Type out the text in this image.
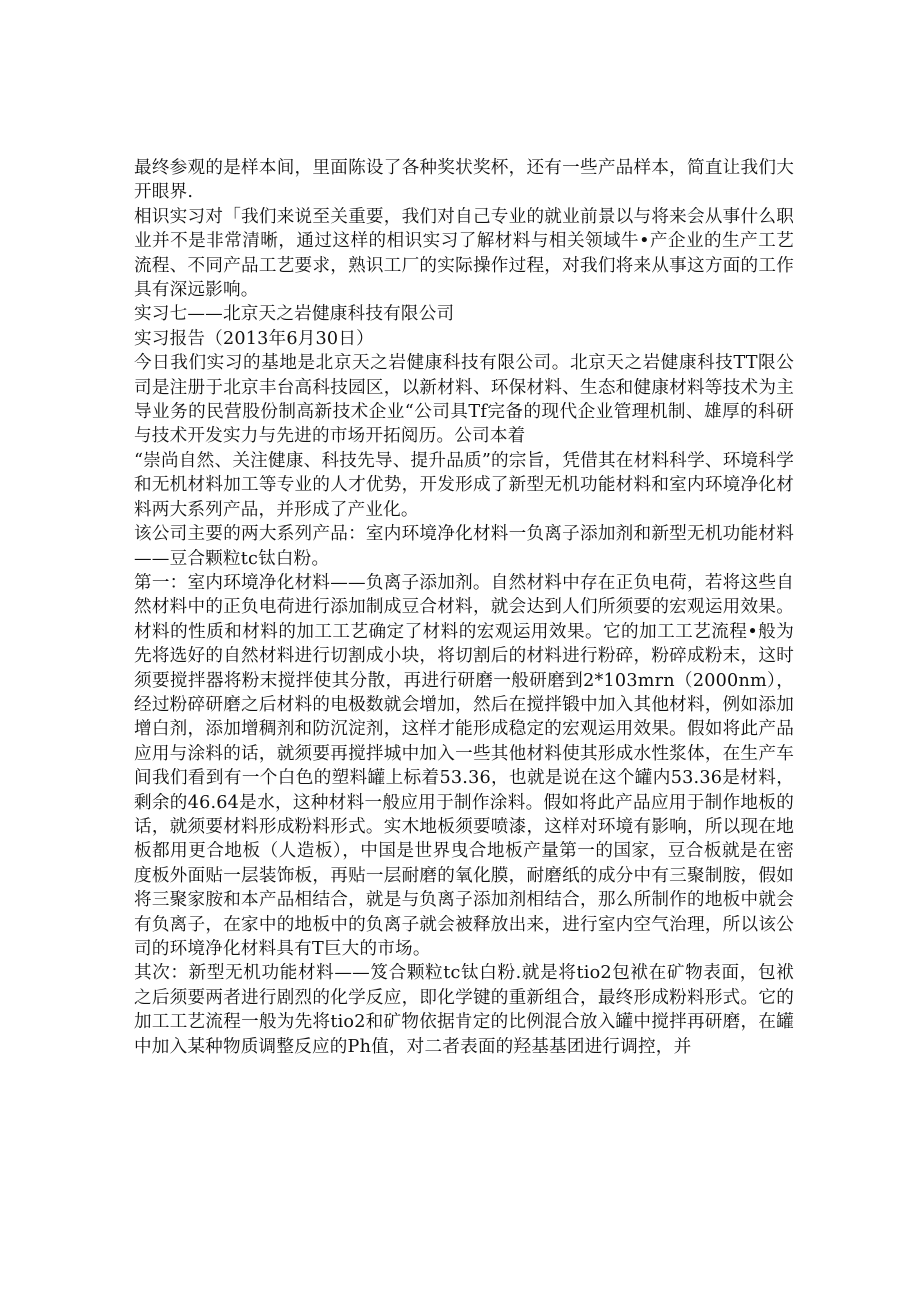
最终参观的是样本间，里面陈设了各种奖状奖杯，还有一些产品样本，简直让我们大开眼界.

相识实习对「我们来说至关重要，我们对自己专业的就业前景以与将来会从事什么职业并不是非常清晰，通过这样的相识实习了解材料与相关领域牛•产企业的生产工艺流程、不同产品工艺要求，熟识工厂的实际操作过程，对我们将来从事这方面的工作具有深远影响。

实习七——北京天之岩健康科技有限公司

实习报告（2013年6月30日）

今日我们实习的基地是北京天之岩健康科技有限公司。北京天之岩健康科技TT限公司是注册于北京丰台高科技园区，以新材料、环保材料、生态和健康材料等技术为主导业务的民营股份制高新技术企业“公司具Tf完备的现代企业管理机制、雄厚的科研与技术开发实力与先进的市场开拓阅历。公司本着

“崇尚自然、关注健康、科技先导、提升品质”的宗旨，凭借其在材料科学、环境科学和无机材料加工等专业的人才优势，开发形成了新型无机功能材料和室内环境净化材料两大系列产品，并形成了产业化。

该公司主要的两大系列产品：室内环境净化材料一负离子添加剂和新型无机功能材料——豆合颗粒tc钛白粉。

第一：室内环境净化材料——负离子添加剂。自然材料中存在正负电荷，若将这些自然材料中的正负电荷进行添加制成豆合材料，就会达到人们所须要的宏观运用效果。材料的性质和材料的加工工艺确定了材料的宏观运用效果。它的加工工艺流程•般为先将选好的自然材料进行切割成小块，将切割后的材料进行粉碎，粉碎成粉末，这时须要搅拌器将粉末搅拌使其分散，再进行研磨一般研磨到2*103mrn（2000nm），经过粉碎研磨之后材料的电极数就会增加，然后在搅拌锻中加入其他材料，例如添加增白剂，添加增稠剂和防沉淀剂，这样才能形成稳定的宏观运用效果。假如将此产品应用与涂料的话，就须要再搅拌城中加入一些其他材料使其形成水性浆体，在生产车间我们看到有一个白色的塑料罐上标着53.36，也就是说在这个罐内53.36是材料，剩余的46.64是水，这种材料一般应用于制作涂料。假如将此产品应用于制作地板的话，就须要材料形成粉料形式。实木地板须要喷漆，这样对环境有影响，所以现在地板都用更合地板（人造板），中国是世界曳合地板产量第一的国家，豆合板就是在密度板外面贴一层装饰板，再贴一层耐磨的氧化膜，耐磨纸的成分中有三聚制胺，假如将三聚家胺和本产品相结合，就是与负离子添加剂相结合，那么所制作的地板中就会有负离子，在家中的地板中的负离子就会被释放出来，进行室内空气治理，所以该公司的环境净化材料具有T巨大的市场。

其次：新型无机功能材料——笈合颗粒tc钛白粉.就是将tio2包袱在矿物表面，包袱之后须要两者进行剧烈的化学反应，即化学键的重新组合，最终形成粉料形式。它的加工工艺流程一般为先将tio2和矿物依据肯定的比例混合放入罐中搅拌再研磨，在罐中加入某种物质调整反应的Ph值，对二者表面的羟基基团进行调控，并
